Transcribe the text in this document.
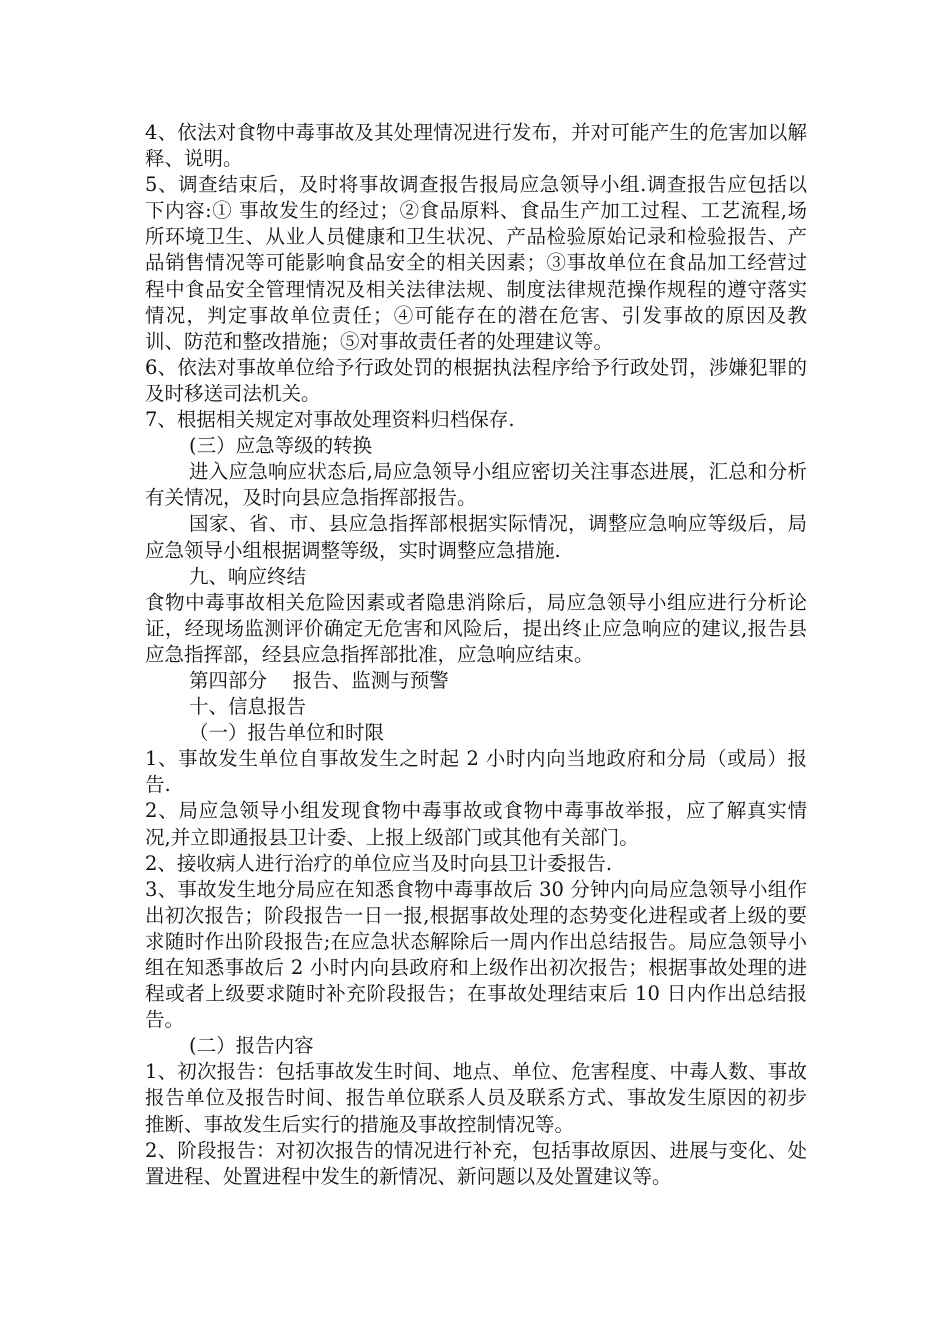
4、依法对食物中毒事故及其处理情况进行发布，并对可能产生的危害加以解释、说明。

5、调查结束后，及时将事故调查报告报局应急领导小组.调查报告应包括以下内容:① 事故发生的经过；②食品原料、食品生产加工过程、工艺流程,场所环境卫生、从业人员健康和卫生状况、产品检验原始记录和检验报告、产品销售情况等可能影响食品安全的相关因素；③事故单位在食品加工经营过程中食品安全管理情况及相关法律法规、制度法律规范操作规程的遵守落实情况，判定事故单位责任；④可能存在的潜在危害、引发事故的原因及教训、防范和整改措施；⑤对事故责任者的处理建议等。

6、依法对事故单位给予行政处罚的根据执法程序给予行政处罚，涉嫌犯罪的及时移送司法机关。

7、根据相关规定对事故处理资料归档保存.

(三）应急等级的转换

进入应急响应状态后,局应急领导小组应密切关注事态进展，汇总和分析有关情况，及时向县应急指挥部报告。

国家、省、市、县应急指挥部根据实际情况，调整应急响应等级后，局应急领导小组根据调整等级，实时调整应急措施.

九、响应终结

食物中毒事故相关危险因素或者隐患消除后，局应急领导小组应进行分析论证，经现场监测评价确定无危害和风险后，提出终止应急响应的建议,报告县应急指挥部，经县应急指挥部批准，应急响应结束。

第四部分　 报告、监测与预警

十、信息报告

（一）报告单位和时限

1、事故发生单位自事故发生之时起 2 小时内向当地政府和分局（或局）报告.

2、局应急领导小组发现食物中毒事故或食物中毒事故举报，应了解真实情况,并立即通报县卫计委、上报上级部门或其他有关部门。

2、接收病人进行治疗的单位应当及时向县卫计委报告.

3、事故发生地分局应在知悉食物中毒事故后 30 分钟内向局应急领导小组作出初次报告；阶段报告一日一报,根据事故处理的态势变化进程或者上级的要求随时作出阶段报告;在应急状态解除后一周内作出总结报告。局应急领导小组在知悉事故后 2 小时内向县政府和上级作出初次报告；根据事故处理的进程或者上级要求随时补充阶段报告；在事故处理结束后 10 日内作出总结报告。

(二）报告内容

1、初次报告：包括事故发生时间、地点、单位、危害程度、中毒人数、事故报告单位及报告时间、报告单位联系人员及联系方式、事故发生原因的初步推断、事故发生后实行的措施及事故控制情况等。

2、阶段报告：对初次报告的情况进行补充，包括事故原因、进展与变化、处置进程、处置进程中发生的新情况、新问题以及处置建议等。
